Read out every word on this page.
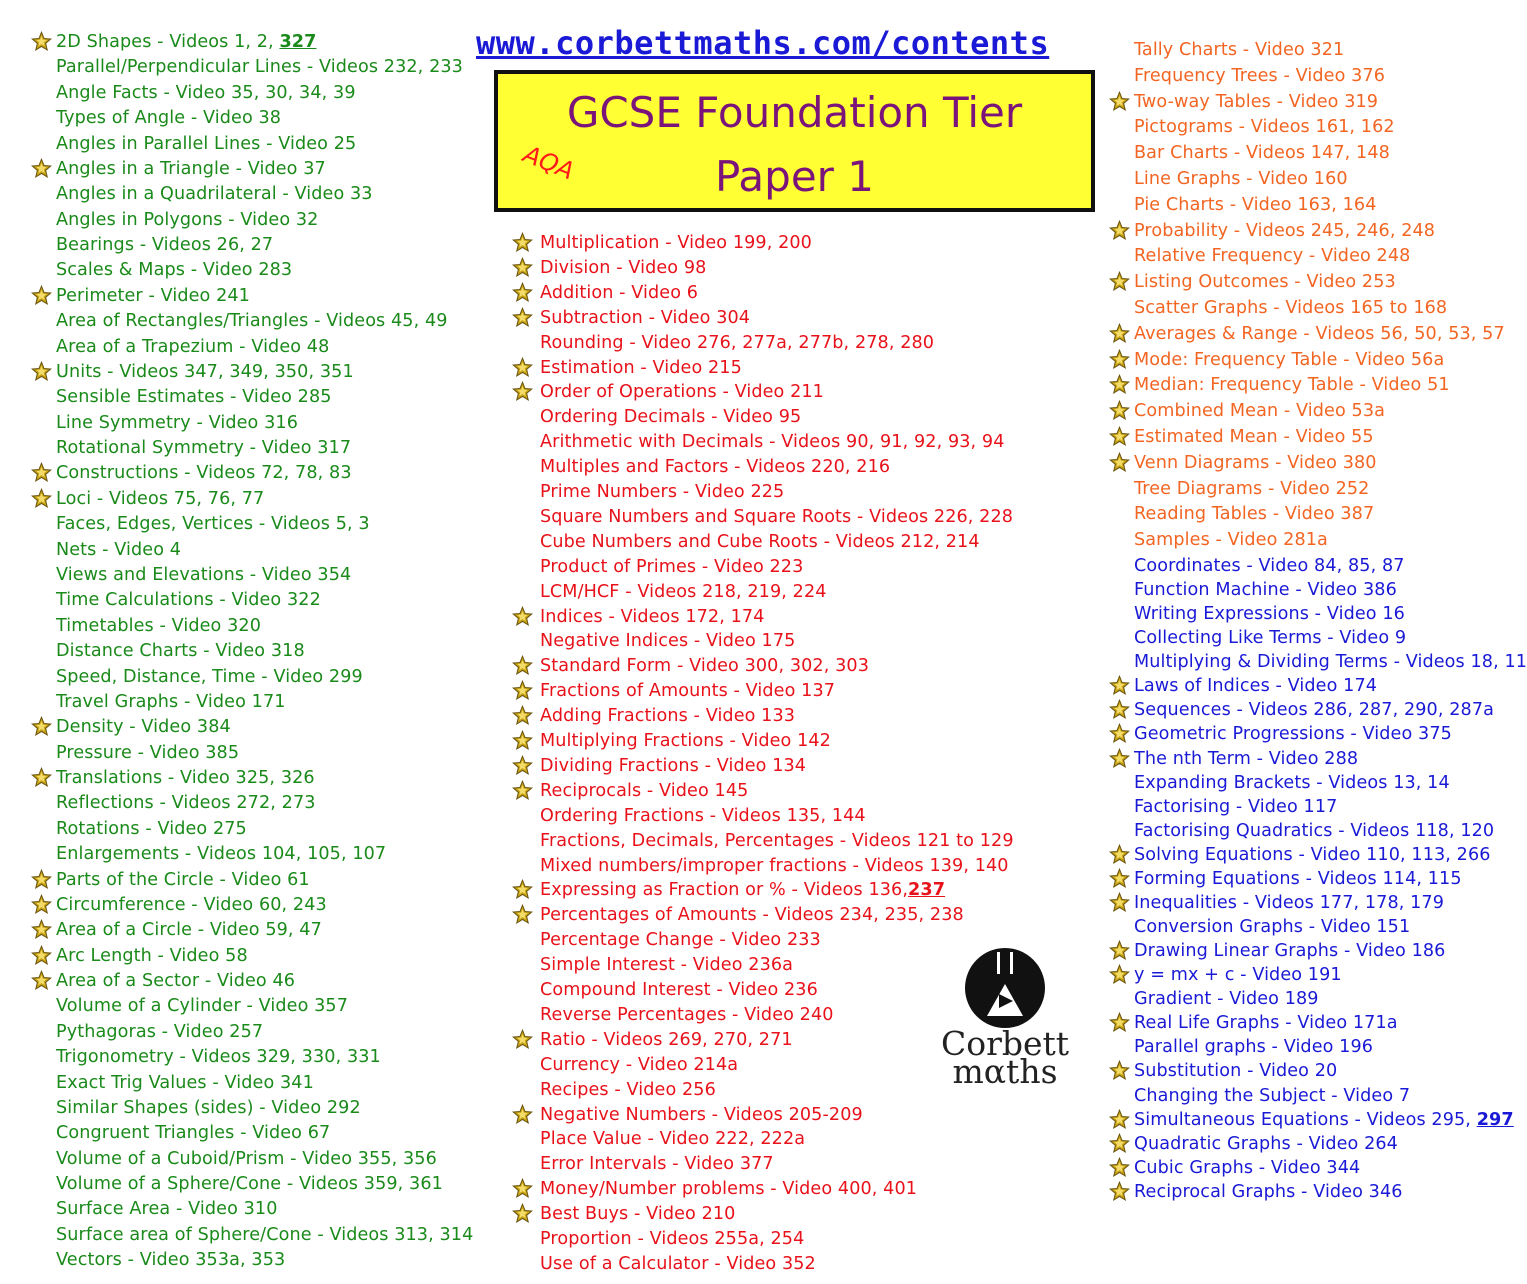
www.corbettmaths.com/contents
GCSE Foundation Tier
Paper 1
AQA
2D Shapes - Videos 1, 2, 327
Parallel/Perpendicular Lines - Videos 232, 233
Angle Facts - Video 35, 30, 34, 39
Types of Angle - Video 38
Angles in Parallel Lines - Video 25
Angles in a Triangle - Video 37
Angles in a Quadrilateral - Video 33
Angles in Polygons - Video 32
Bearings - Videos 26, 27
Scales & Maps - Video 283
Perimeter - Video 241
Area of Rectangles/Triangles - Videos 45, 49
Area of a Trapezium - Video 48
Units - Videos 347, 349, 350, 351
Sensible Estimates - Video 285
Line Symmetry - Video 316
Rotational Symmetry - Video 317
Constructions - Videos 72, 78, 83
Loci - Videos 75, 76, 77
Faces, Edges, Vertices - Videos 5, 3
Nets - Video 4
Views and Elevations - Video 354
Time Calculations - Video 322
Timetables - Video 320
Distance Charts - Video 318
Speed, Distance, Time - Video 299
Travel Graphs - Video 171
Density - Video 384
Pressure - Video 385
Translations - Video 325, 326
Reflections - Videos 272, 273
Rotations - Video 275
Enlargements - Videos 104, 105, 107
Parts of the Circle - Video 61
Circumference - Video 60, 243
Area of a Circle - Video 59, 47
Arc Length - Video 58
Area of a Sector - Video 46
Volume of a Cylinder - Video 357
Pythagoras - Video 257
Trigonometry - Videos 329, 330, 331
Exact Trig Values - Video 341
Similar Shapes (sides) - Video 292
Congruent Triangles - Video 67
Volume of a Cuboid/Prism - Video 355, 356
Volume of a Sphere/Cone - Videos 359, 361
Surface Area - Video 310
Surface area of Sphere/Cone - Videos 313, 314
Vectors - Video 353a, 353
Multiplication - Video 199, 200
Division - Video 98
Addition - Video 6
Subtraction - Video 304
Rounding - Video 276, 277a, 277b, 278, 280
Estimation - Video 215
Order of Operations - Video 211
Ordering Decimals - Video 95
Arithmetic with Decimals - Videos 90, 91, 92, 93, 94
Multiples and Factors - Videos 220, 216
Prime Numbers - Video 225
Square Numbers and Square Roots - Videos 226, 228
Cube Numbers and Cube Roots - Videos 212, 214
Product of Primes - Video 223
LCM/HCF - Videos 218, 219, 224
Indices - Videos 172, 174
Negative Indices - Video 175
Standard Form - Video 300, 302, 303
Fractions of Amounts - Video 137
Adding Fractions - Video 133
Multiplying Fractions - Video 142
Dividing Fractions - Video 134
Reciprocals - Video 145
Ordering Fractions - Videos 135, 144
Fractions, Decimals, Percentages - Videos 121 to 129
Mixed numbers/improper fractions - Videos 139, 140
Expressing as Fraction or % - Videos 136,237
Percentages of Amounts - Videos 234, 235, 238
Percentage Change - Video 233
Simple Interest - Video 236a
Compound Interest - Video 236
Reverse Percentages - Video 240
Ratio - Videos 269, 270, 271
Currency - Video 214a
Recipes - Video 256
Negative Numbers - Videos 205-209
Place Value - Video 222, 222a
Error Intervals - Video 377
Money/Number problems - Video 400, 401
Best Buys - Video 210
Proportion - Videos 255a, 254
Use of a Calculator - Video 352
Tally Charts - Video 321
Frequency Trees - Video 376
Two-way Tables - Video 319
Pictograms - Videos 161, 162
Bar Charts - Videos 147, 148
Line Graphs - Video 160
Pie Charts - Video 163, 164
Probability - Videos 245, 246, 248
Relative Frequency - Video 248
Listing Outcomes - Video 253
Scatter Graphs - Videos 165 to 168
Averages & Range - Videos 56, 50, 53, 57
Mode: Frequency Table - Video 56a
Median: Frequency Table - Video 51
Combined Mean - Video 53a
Estimated Mean - Video 55
Venn Diagrams - Video 380
Tree Diagrams - Video 252
Reading Tables - Video 387
Samples - Video 281a
Coordinates - Video 84, 85, 87
Function Machine - Video 386
Writing Expressions - Video 16
Collecting Like Terms - Video 9
Multiplying & Dividing Terms - Videos 18, 11
Laws of Indices - Video 174
Sequences - Videos 286, 287, 290, 287a
Geometric Progressions - Video 375
The nth Term - Video 288
Expanding Brackets - Videos 13, 14
Factorising - Video 117
Factorising Quadratics - Videos 118, 120
Solving Equations - Video 110, 113, 266
Forming Equations - Videos 114, 115
Inequalities - Videos 177, 178, 179
Conversion Graphs - Video 151
Drawing Linear Graphs - Video 186
y = mx + c - Video 191
Gradient - Video 189
Real Life Graphs - Video 171a
Parallel graphs - Video 196
Substitution - Video 20
Changing the Subject - Video 7
Simultaneous Equations - Videos 295, 297
Quadratic Graphs - Video 264
Cubic Graphs - Video 344
Reciprocal Graphs - Video 346
Corbett
mαths
